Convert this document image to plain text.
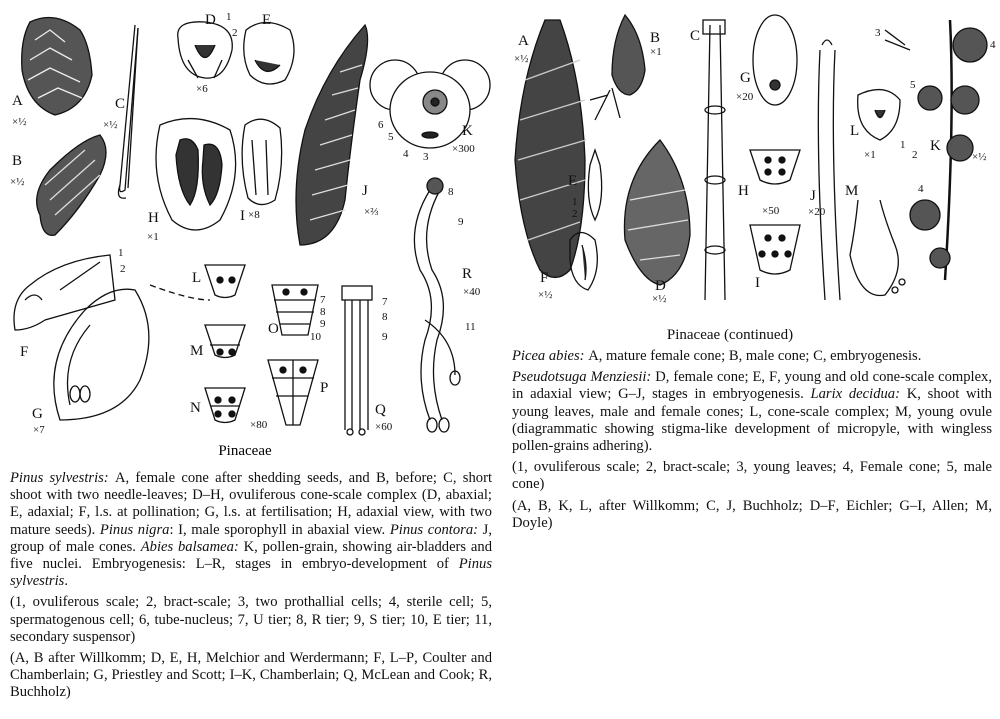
A
×½
B
×½
C
×½
D
×6
E
F
G
×7
H
×1
I ×8
J
×⅔
K
×300
L
M
N
×80
O
P
Q
×60
R
×40
1
2
1
2
3
4
5
6
7
8
9
10
7
8
9
8
9
11
Pinaceae
A
×½
B
×1
C
D
×½
E
F
×½
G
×20
H
×50
I
J
×20
K
×½
L
×1
M
1
2
3
4
5
4
1
2
Pinaceae (continued)

Pinus sylvestris: A, female cone after shedding seeds, and B, before; C, short shoot with two needle-leaves; D–H, ovuliferous cone-scale complex (D, abaxial; E, adaxial; F, l.s. at pollination; G, l.s. at fertilisation; H, adaxial view, with two mature seeds). Pinus nigra: I, male sporophyll in abaxial view. Pinus contora: J, group of male cones. Abies balsamea: K, pollen-grain, showing air-bladders and five nuclei. Embryogenesis: L–R, stages in embryo-development of Pinus sylvestris.

(1, ovuliferous scale; 2, bract-scale; 3, two prothallial cells; 4, sterile cell; 5, spermatogenous cell; 6, tube-nucleus; 7, U tier; 8, R tier; 9, S tier; 10, E tier; 11, secondary suspensor)

(A, B after Willkomm; D, E, H, Melchior and Werdermann; F, L–P, Coulter and Chamberlain; G, Priestley and Scott; I–K, Chamberlain; Q, McLean and Cook; R, Buchholz)

Picea abies: A, mature female cone; B, male cone; C, embryogenesis.

Pseudotsuga Menziesii: D, female cone; E, F, young and old cone-scale complex, in adaxial view; G–J, stages in embryogenesis. Larix decidua: K, shoot with young leaves, male and female cones; L, cone-scale complex; M, young ovule (diagrammatic showing stigma-like development of micropyle, with wingless pollen-grains adhering).

(1, ovuliferous scale; 2, bract-scale; 3, young leaves; 4, Female cone; 5, male cone)

(A, B, K, L, after Willkomm; C, J, Buchholz; D–F, Eichler; G–I, Allen; M, Doyle)
